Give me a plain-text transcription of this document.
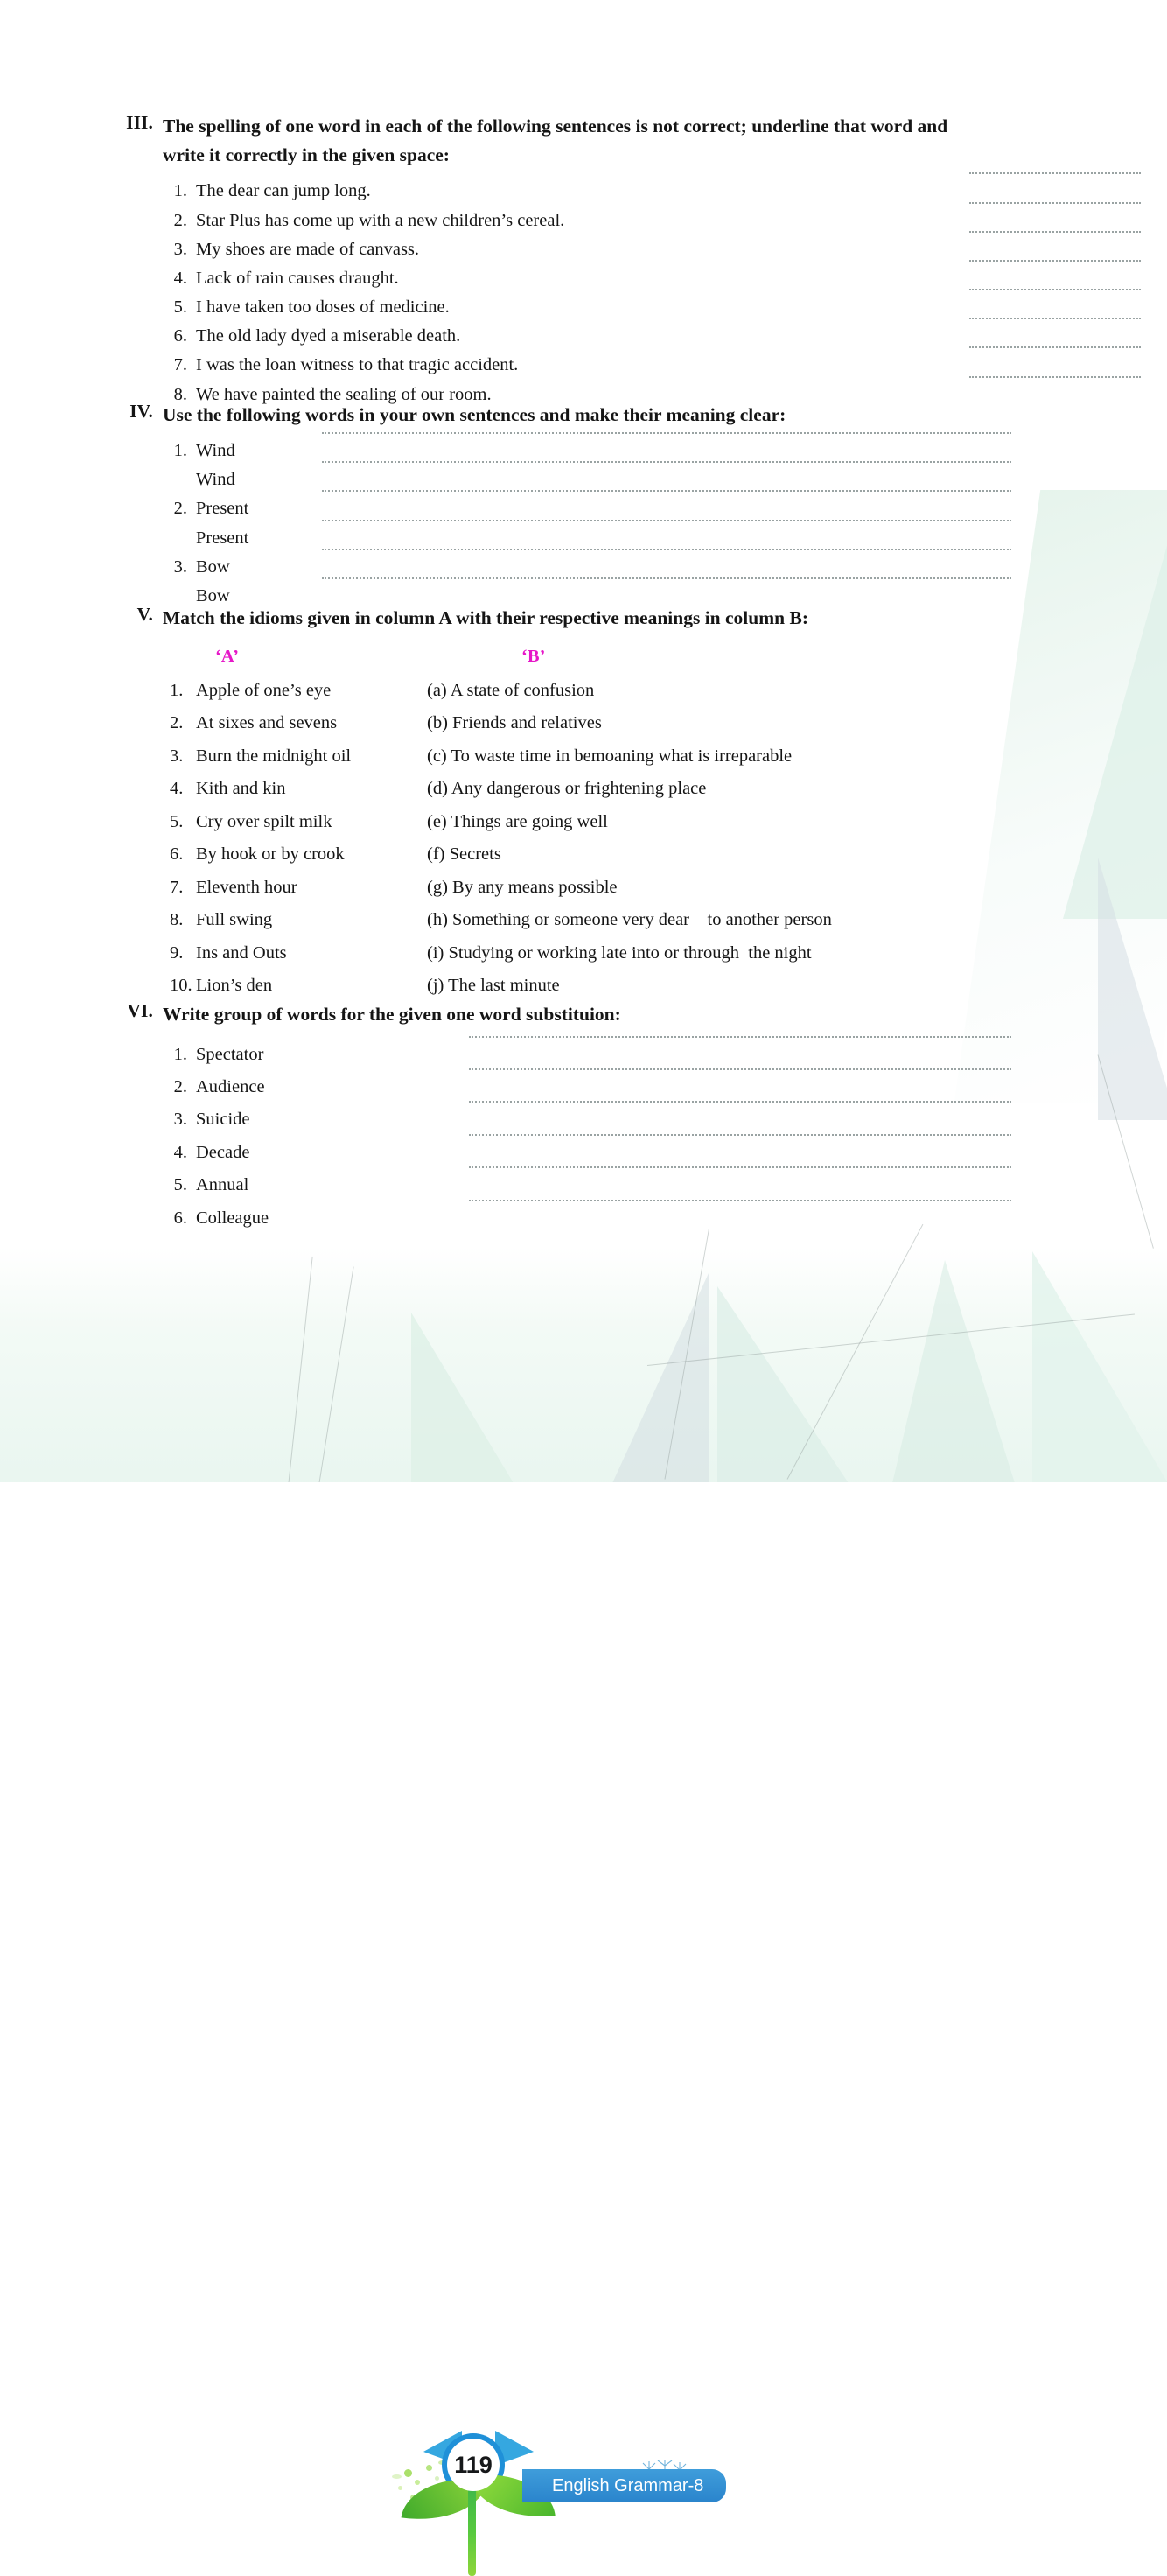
III. The spelling of one word in each of the following sentences is not correct; underline that word and write it correctly in the given space:
1. The dear can jump long.
2. Star Plus has come up with a new children’s cereal.
3. My shoes are made of canvass.
4. Lack of rain causes draught.
5. I have taken too doses of medicine.
6. The old lady dyed a miserable death.
7. I was the loan witness to that tragic accident.
8. We have painted the sealing of our room.
IV. Use the following words in your own sentences and make their meaning clear:
1. Wind
Wind
2. Present
Present
3. Bow
Bow
V. Match the idioms given in column A with their respective meanings in column B:
‘A’	‘B’
1. Apple of one’s eye	(a) A state of confusion
2. At sixes and sevens	(b) Friends and relatives
3. Burn the midnight oil	(c) To waste time in bemoaning what is irreparable
4. Kith and kin	(d) Any dangerous or frightening place
5. Cry over spilt milk	(e) Things are going well
6. By hook or by crook	(f) Secrets
7. Eleventh hour	(g) By any means possible
8. Full swing	(h) Something or someone very dear—to another person
9. Ins and Outs	(i) Studying or working late into or through  the night
10. Lion’s den	(j) The last minute
VI. Write group of words for the given one word substituion:
1. Spectator
2. Audience
3. Suicide
4. Decade
5. Annual
6. Colleague
119
English Grammar-8
